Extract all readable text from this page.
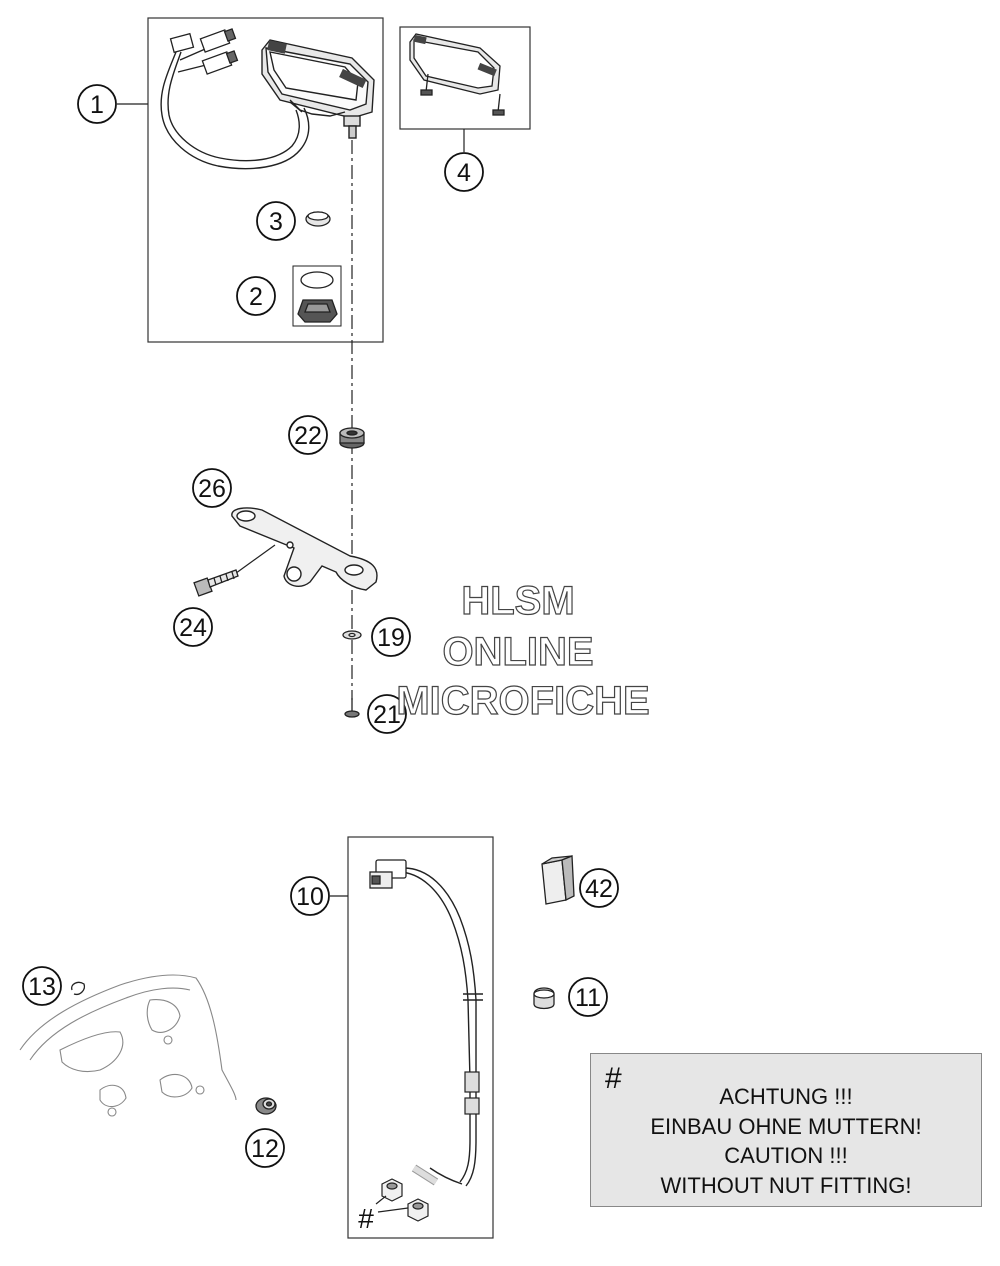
1
2
3
4
22
26
24	19
21
10	42
13	11
12
#
HLSM
ONLINE
MICROFICHE
#
ACHTUNG !!!
EINBAU OHNE MUTTERN!
CAUTION !!!
WITHOUT NUT FITTING!
